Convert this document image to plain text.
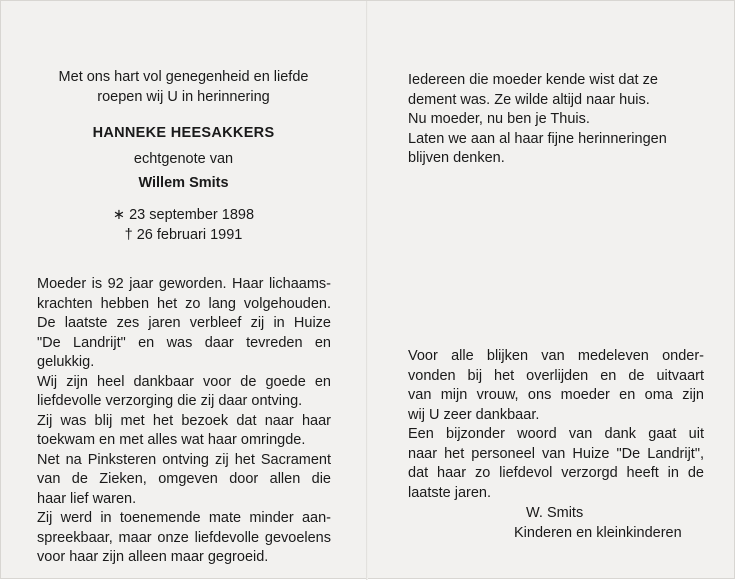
Met ons hart vol genegenheid en liefde
roepen wij U in herinnering
HANNEKE HEESAKKERS
echtgenote van
Willem Smits
∗ 23 september 1898
† 26 februari 1991
Moeder is 92 jaar geworden. Haar lichaams-
krachten hebben het zo lang volgehouden.
De laatste zes jaren verbleef zij in Huize
"De Landrijt" en was daar tevreden en
gelukkig.
Wij zijn heel dankbaar voor de goede en
liefdevolle verzorging die zij daar ontving.
Zij was blij met het bezoek dat naar haar
toekwam en met alles wat haar omringde.
Net na Pinksteren ontving zij het Sacrament
van de Zieken, omgeven door allen die
haar lief waren.
Zij werd in toenemende mate minder aan-
spreekbaar, maar onze liefdevolle gevoelens
voor haar zijn alleen maar gegroeid.
Iedereen die moeder kende wist dat ze
dement was. Ze wilde altijd naar huis.
Nu moeder, nu ben je Thuis.
Laten we aan al haar fijne herinneringen
blijven denken.
Voor alle blijken van medeleven onder-
vonden bij het overlijden en de uitvaart
van mijn vrouw, ons moeder en oma zijn
wij U zeer dankbaar.
Een bijzonder woord van dank gaat uit
naar het personeel van Huize "De Landrijt",
dat haar zo liefdevol verzorgd heeft in de
laatste jaren.
W. Smits
Kinderen en kleinkinderen
